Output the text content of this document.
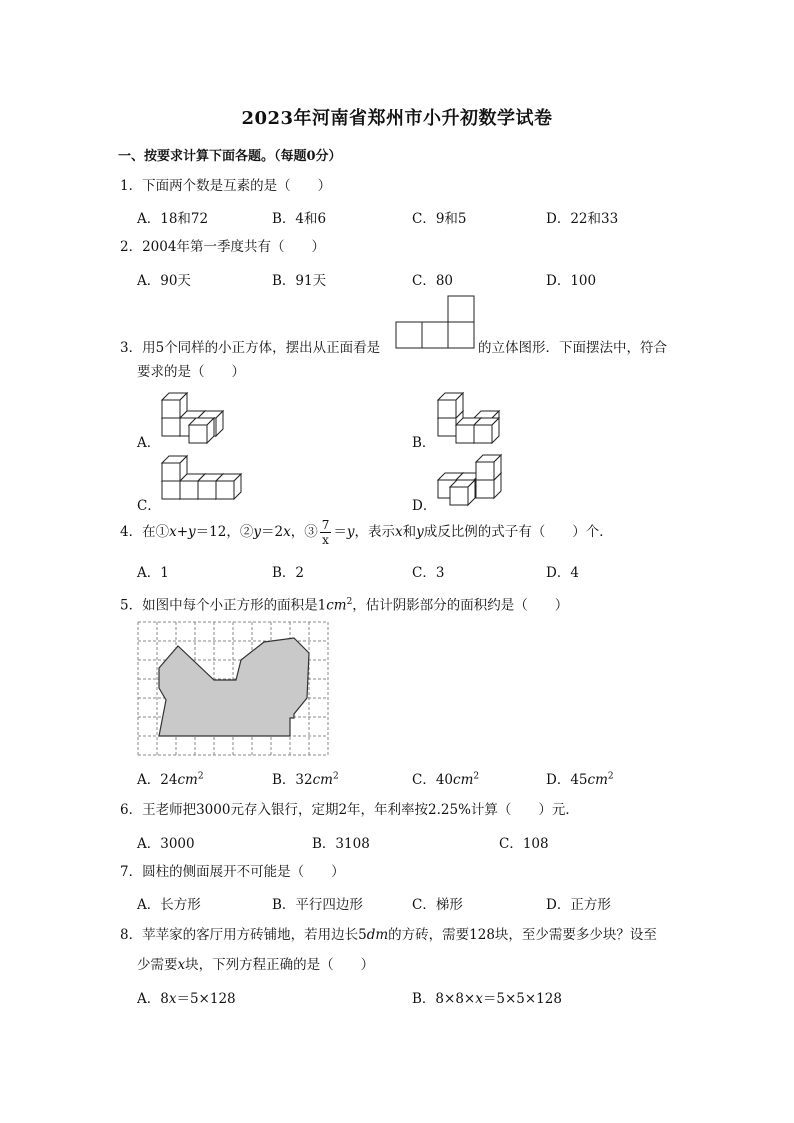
2023年河南省郑州市小升初数学试卷
一、按要求计算下面各题。（每题0分）
1．下面两个数是互素的是（　　）
A．18和72	B．4和6	C．9和5	D．22和33
2．2004年第一季度共有（　　）
A．90天	B．91天	C．80	D．100
3．用5个同样的小正方体，摆出从正面看是	的立体图形．下面摆法中，符合
要求的是（　　）
A．	B．
C．	D．
4．在①x+y＝12，②y＝2x，③ $\frac{7}{x} =y$，表示x和y成反比例的式子有（　　）个．
A．1	B．2	C．3	D．4
5．如图中每个小正方形的面积是$1cm^2$，估计阴影部分的面积约是（　　）
A．$24cm^2$	B．$32cm^2$	C．$40cm^2$	D．$45cm^2$
6．王老师把3000元存入银行，定期2年，年利率按2.25%计算（　　）元．
A．3000	B．3108	C．108
7．圆柱的侧面展开不可能是（　　）
A．长方形	B．平行四边形	C．梯形	D．正方形
8．苹苹家的客厅用方砖铺地，若用边长5dm的方砖，需要128块，至少需要多少块？设至
少需要x块，下列方程正确的是（　　）
A．8x＝5×128	B．8×8×x＝5×5×128
